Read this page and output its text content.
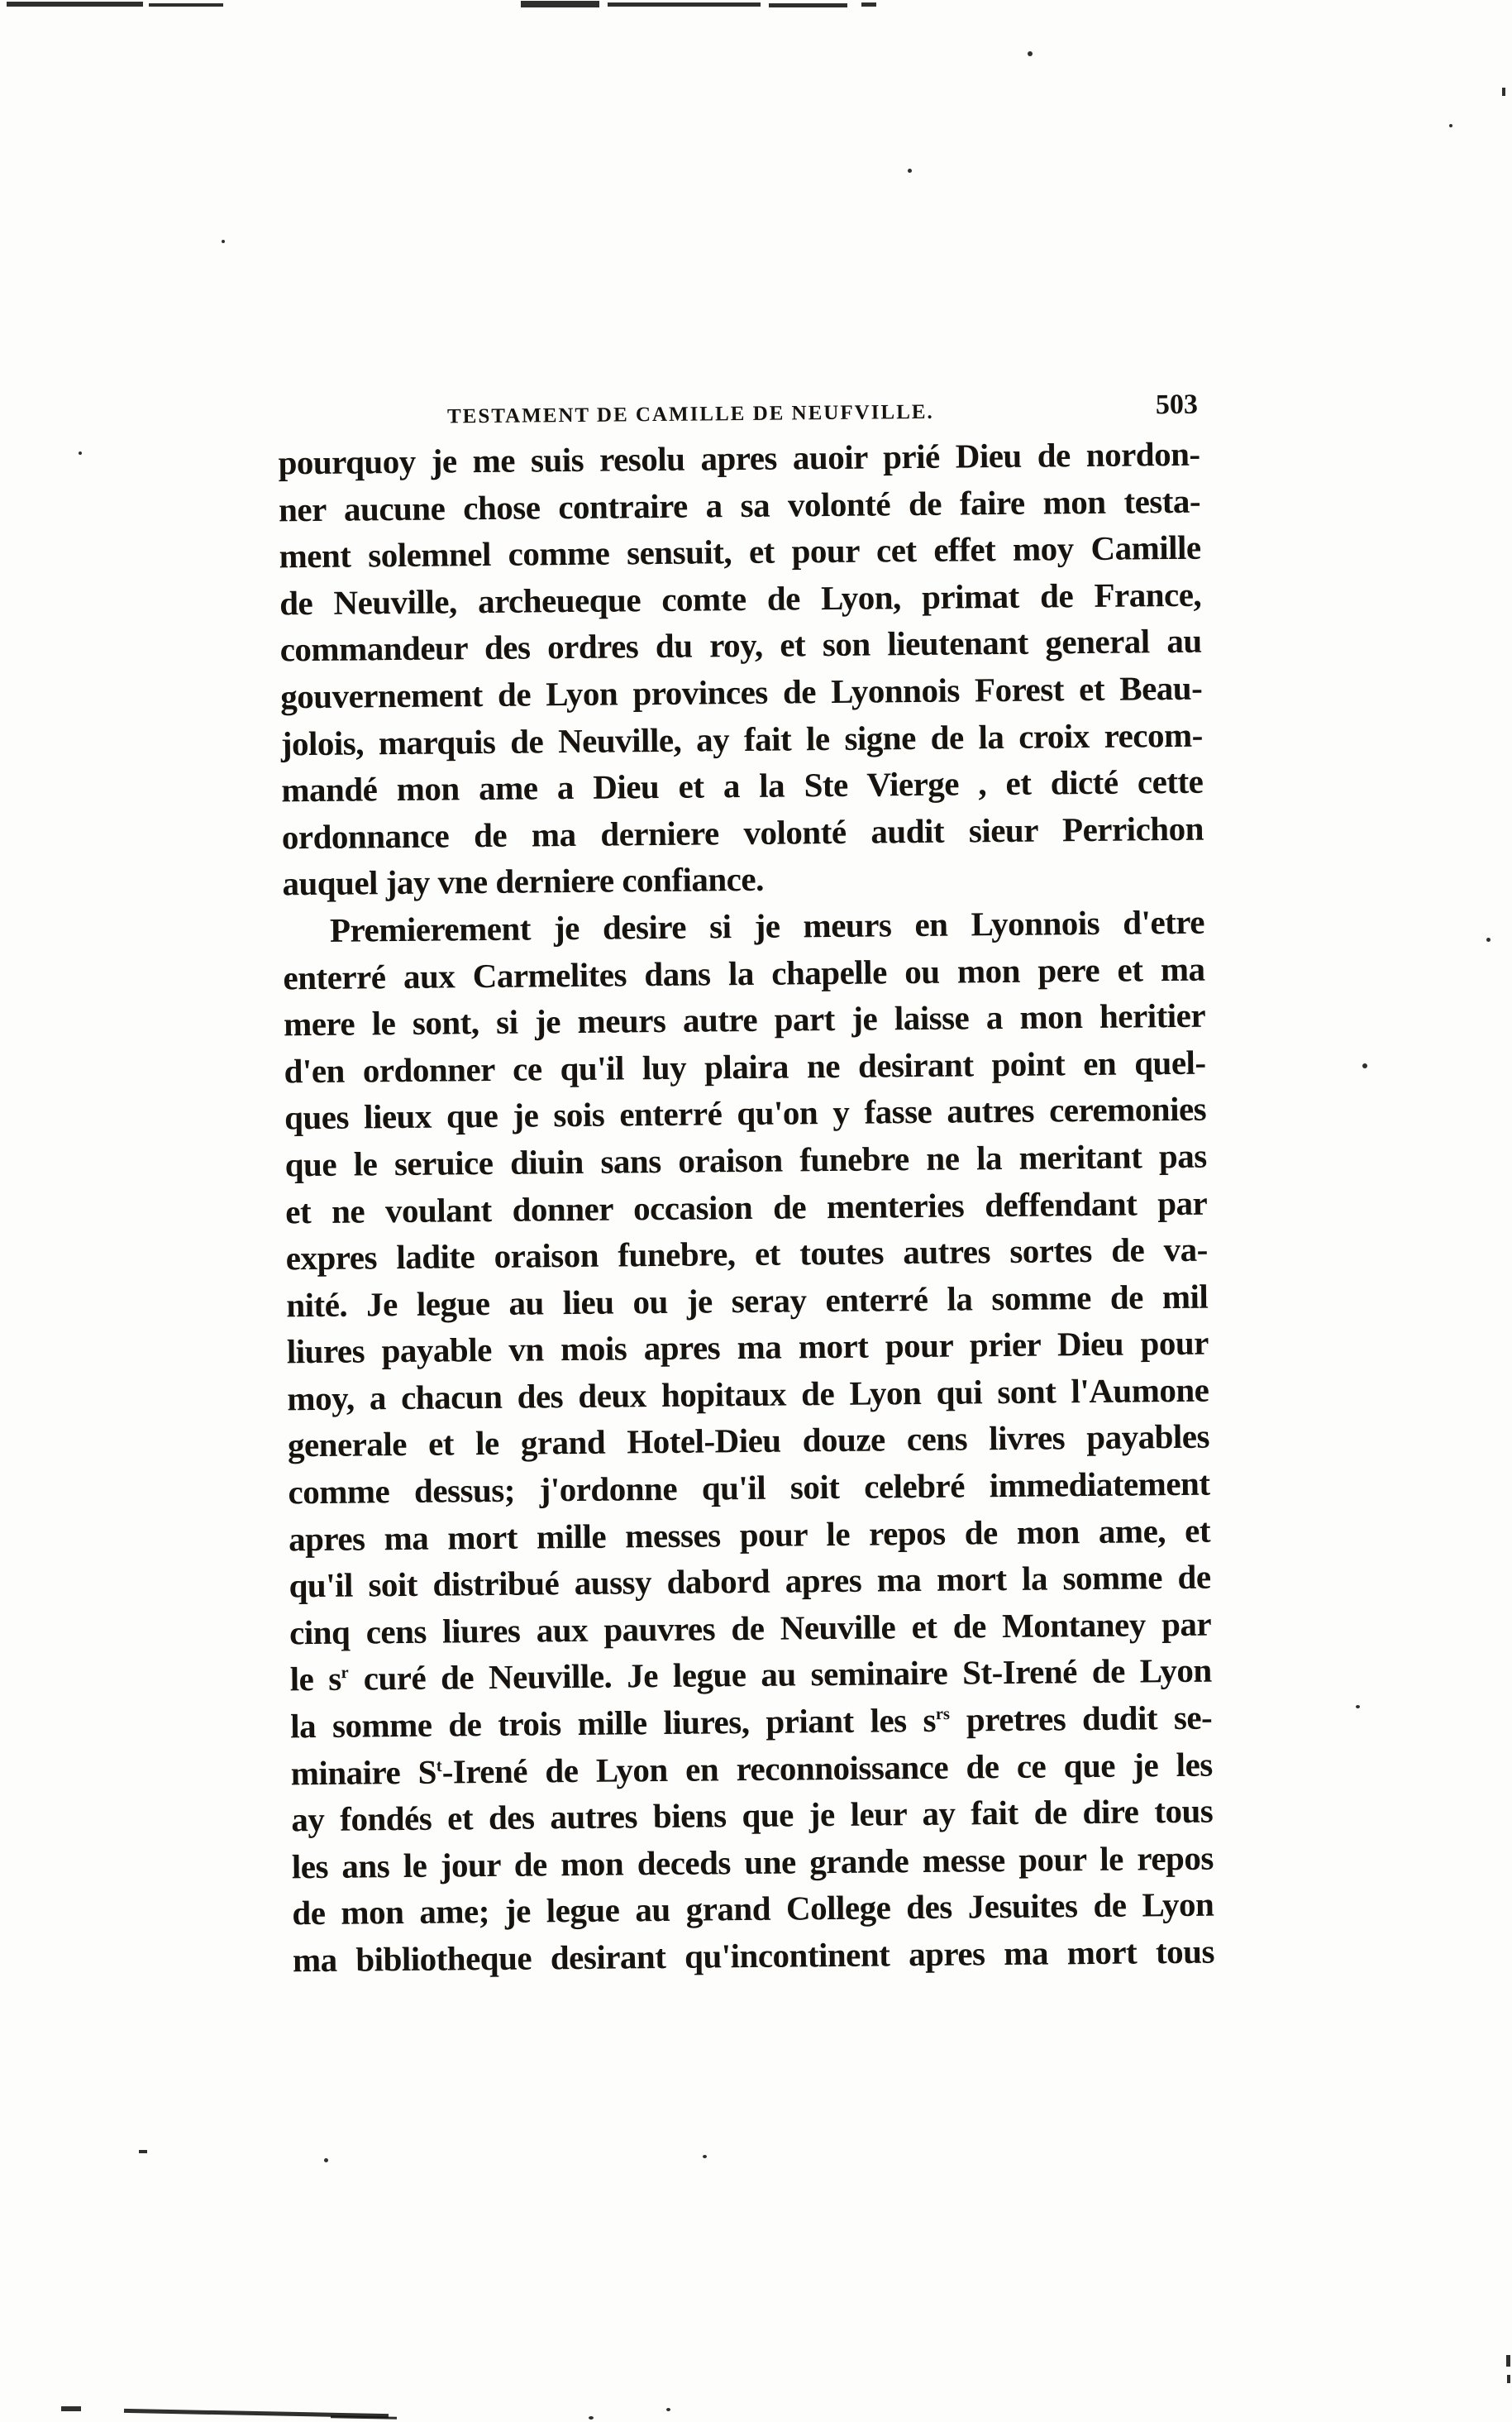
TESTAMENT DE CAMILLE DE NEUFVILLE.	503
pourquoy je me suis resolu apres auoir prié Dieu de nordon-
ner aucune chose contraire a sa volonté de faire mon testa-
ment solemnel comme sensuit, et pour cet effet moy Camille
de Neuville, archeueque comte de Lyon, primat de France,
commandeur des ordres du roy, et son lieutenant general au
gouvernement de Lyon provinces de Lyonnois Forest et Beau-
jolois, marquis de Neuville, ay fait le signe de la croix recom-
mandé mon ame a Dieu et a la Ste Vierge , et dicté cette
ordonnance de ma derniere volonté audit sieur Perrichon
auquel jay vne derniere confiance.
Premierement je desire si je meurs en Lyonnois d'etre
enterré aux Carmelites dans la chapelle ou mon pere et ma
mere le sont, si je meurs autre part je laisse a mon heritier
d'en ordonner ce qu'il luy plaira ne desirant point en quel-
ques lieux que je sois enterré qu'on y fasse autres ceremonies
que le seruice diuin sans oraison funebre ne la meritant pas
et ne voulant donner occasion de menteries deffendant par
expres ladite oraison funebre, et toutes autres sortes de va-
nité. Je legue au lieu ou je seray enterré la somme de mil
liures payable vn mois apres ma mort pour prier Dieu pour
moy, a chacun des deux hopitaux de Lyon qui sont l'Aumone
generale et le grand Hotel-Dieu douze cens livres payables
comme dessus; j'ordonne qu'il soit celebré immediatement
apres ma mort mille messes pour le repos de mon ame, et
qu'il soit distribué aussy dabord apres ma mort la somme de
cinq cens liures aux pauvres de Neuville et de Montaney par
le $s^r$ curé de Neuville. Je legue au seminaire St-Irené de Lyon
la somme de trois mille liures, priant les $s^{rs}$ pretres dudit se-
minaire $S^t$-Irené de Lyon en reconnoissance de ce que je les
ay fondés et des autres biens que je leur ay fait de dire tous
les ans le jour de mon deceds une grande messe pour le repos
de mon ame; je legue au grand College des Jesuites de Lyon
ma bibliotheque desirant qu'incontinent apres ma mort tous
